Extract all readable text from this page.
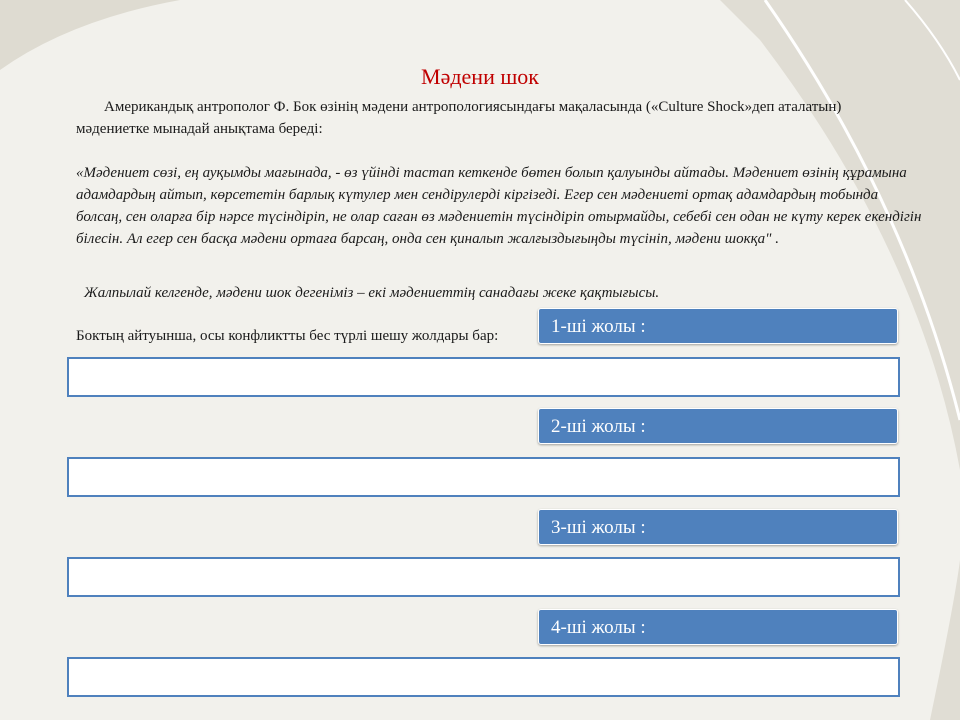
Мәдени шок

Американдық антрополог Ф. Бок өзінің мәдени антропологиясындағы мақаласында («Culture Shock»деп аталатын) мәдениетке мынадай анықтама береді:

«Мәдениет сөзі, ең ауқымды мағынада, - өз үйінді тастап кеткенде бөтен болып қалуынды айтады. Мәдениет өзінің құрамына адамдардың айтып, көрсететін барлық күтулер мен сендірулерді кіргізеді. Егер сен мәдениеті ортақ адамдардың тобында болсаң, сен оларға бір нәрсе түсіндіріп, не олар саған өз мәдениетін түсіндіріп отырмайды, себебі сен одан не күту керек екендігін білесін. Ал егер сен басқа мәдени ортаға барсаң, онда сен қиналып жалғыздығыңды түсініп, мәдени шокқа" .

Жалпылай келгенде, мәдени шок дегеніміз – екі мәдениеттің санадағы жеке қақтығысы.

Боктың айтуынша, осы конфликтты бес түрлі шешу жолдары бар:	1-ші жолы :
2-ші жолы :
3-ші жолы :
4-ші жолы :
